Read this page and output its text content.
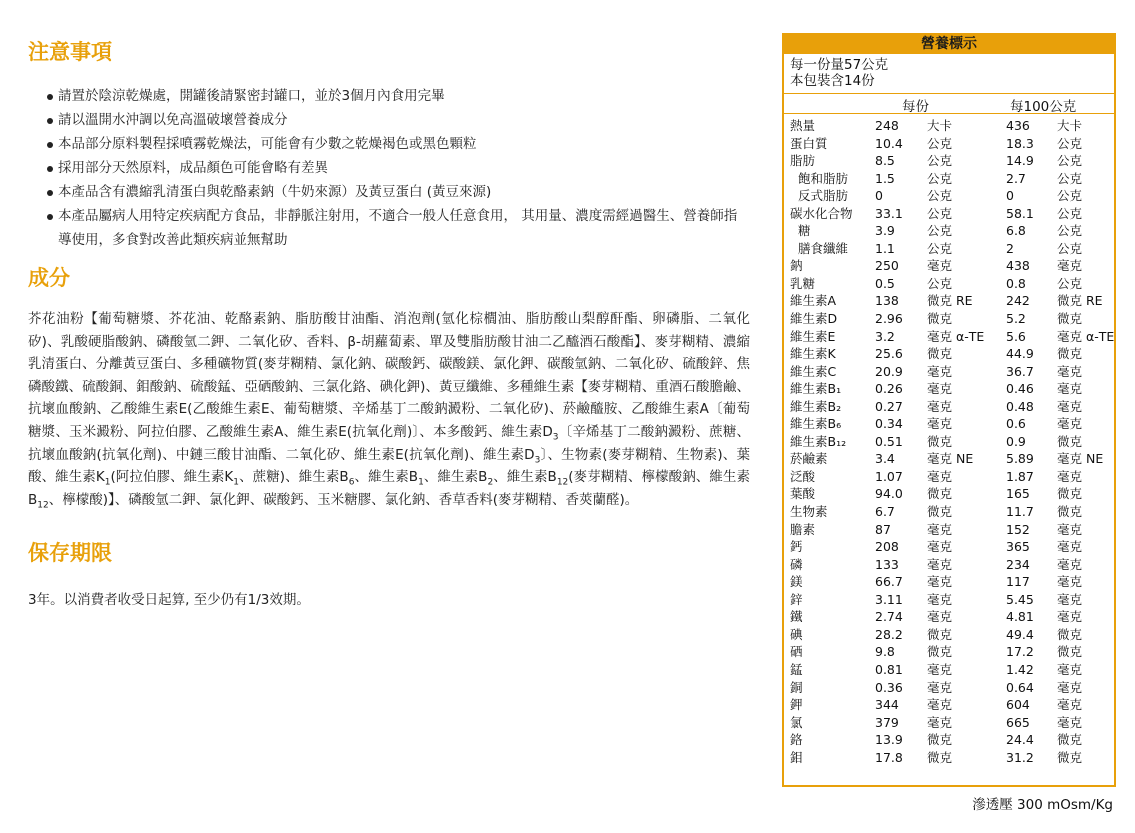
注意事項
請置於陰涼乾燥處，開罐後請緊密封罐口，並於3個月內食用完畢
請以溫開水沖調以免高溫破壞營養成分
本品部分原料製程採噴霧乾燥法，可能會有少數之乾燥褐色或黑色顆粒
採用部分天然原料，成品顏色可能會略有差異
本產品含有濃縮乳清蛋白與乾酪素鈉（牛奶來源）及黃豆蛋白 (黃豆來源)
本產品屬病人用特定疾病配方食品，非靜脈注射用，不適合一般人任意食用， 其用量、濃度需經過醫生、營養師指導使用，多食對改善此類疾病並無幫助
成分

芥花油粉【葡萄糖漿、芥花油、乾酪素鈉、脂肪酸甘油酯、消泡劑(氫化棕櫚油、脂肪酸山梨醇酐酯、卵磷脂、二氧化矽)、乳酸硬脂酸鈉、磷酸氫二鉀、二氧化矽、香料、β-胡蘿蔔素、單及雙脂肪酸甘油二乙醯酒石酸酯】、麥芽糊精、濃縮乳清蛋白、分離黃豆蛋白、多種礦物質(麥芽糊精、氯化鈉、碳酸鈣、碳酸鎂、氯化鉀、碳酸氫鈉、二氧化矽、硫酸鋅、焦磷酸鐵、硫酸銅、鉬酸鈉、硫酸錳、亞硒酸鈉、三氯化鉻、碘化鉀)、黃豆纖維、多種維生素【麥芽糊精、重酒石酸膽鹼、抗壞血酸鈉、乙酸維生素E(乙酸維生素E、葡萄糖漿、辛烯基丁二酸鈉澱粉、二氧化矽)、菸鹼醯胺、乙酸維生素A〔葡萄糖漿、玉米澱粉、阿拉伯膠、乙酸維生素A、維生素E(抗氧化劑)〕、本多酸鈣、維生素$D_3$〔辛烯基丁二酸鈉澱粉、蔗糖、抗壞血酸鈉(抗氧化劑)、中鏈三酸甘油酯、二氧化矽、維生素E(抗氧化劑)、維生素$D_3$〕、生物素(麥芽糊精、生物素)、葉酸、維生素$K_1$(阿拉伯膠、維生素$K_1$、蔗糖)、維生素$B_6$、維生素$B_1$、維生素$B_2$、維生素$B_{12}$(麥芽糊精、檸檬酸鈉、維生素$B_{12}$、檸檬酸)】、磷酸氫二鉀、氯化鉀、碳酸鈣、玉米糖膠、氯化鈉、香草香料(麥芽糊精、香莢蘭醛)。

保存期限

3年。以消費者收受日起算, 至少仍有1/3效期。

營養標示
每一份量57公克
本包裝含14份
每份	每100公克
熱量	248 大卡	436 大卡
蛋白質	10.4 公克	18.3 公克
脂肪	8.5	公克	14.9 公克
飽和脂肪 1.5	公克	2.7 公克
反式脂肪 0	公克	0	公克
碳水化合物 33.1 公克	58.1 公克
糖	3.9	公克	6.8 公克
膳食纖維 1.1	公克	2	公克
鈉	250 毫克	438 毫克
乳糖	0.5	公克	0.8 公克
維生素A	138 微克 RE	242 微克 RE
維生素D	2.96 微克	5.2 微克
維生素E	3.2	毫克 α-TE 5.6 毫克 α-TE
維生素K	25.6 微克	44.9 微克
維生素C	20.9 毫克	36.7 毫克
維生素B₁	0.26 毫克	0.46 毫克
維生素B₂	0.27 毫克	0.48 毫克
維生素B₆	0.34 毫克	0.6 毫克
維生素B₁₂ 0.51 微克	0.9 微克
菸鹼素	3.4	毫克 NE	5.89 毫克 NE
泛酸	1.07 毫克	1.87 毫克
葉酸	94.0 微克	165 微克
生物素	6.7	微克	11.7 微克
膽素	87	毫克	152 毫克
鈣	208 毫克	365 毫克
磷	133 毫克	234 毫克
鎂	66.7 毫克	117 毫克
鋅	3.11 毫克	5.45 毫克
鐵	2.74 毫克	4.81 毫克
碘	28.2 微克	49.4 微克
硒	9.8	微克	17.2 微克
錳	0.81 毫克	1.42 毫克
銅	0.36 毫克	0.64 毫克
鉀	344 毫克	604 毫克
氯	379 毫克	665 毫克
鉻	13.9 微克	24.4 微克
鉬	17.8 微克	31.2 微克
滲透壓 300 mOsm/Kg
